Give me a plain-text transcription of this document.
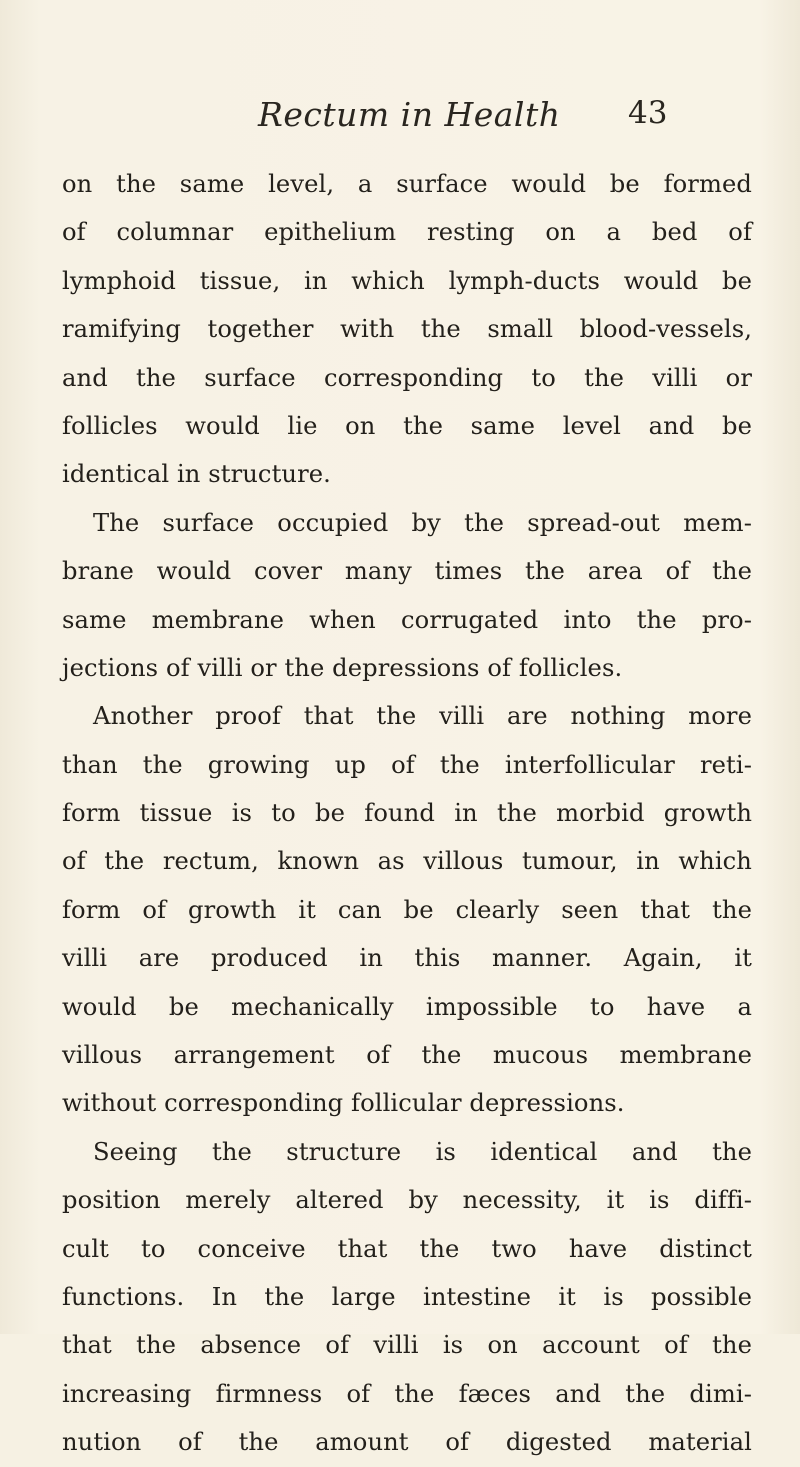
Rectum in Health 43
on the same level, a surface would be formed
of columnar epithelium resting on a bed of
lymphoid tissue, in which lymph-ducts would be
ramifying together with the small blood-vessels,
and the surface corresponding to the villi or
follicles would lie on the same level and be
identical in structure.
The surface occupied by the spread-out mem-
brane would cover many times the area of the
same membrane when corrugated into the pro-
jections of villi or the depressions of follicles.
Another proof that the villi are nothing more
than the growing up of the interfollicular reti-
form tissue is to be found in the morbid growth
of the rectum, known as villous tumour, in which
form of growth it can be clearly seen that the
villi are produced in this manner. Again, it
would be mechanically impossible to have a
villous arrangement of the mucous membrane
without corresponding follicular depressions.
Seeing the structure is identical and the
position merely altered by necessity, it is diffi-
cult to conceive that the two have distinct
functions. In the large intestine it is possible
that the absence of villi is on account of the
increasing firmness of the fæces and the dimi-
nution of the amount of digested material
